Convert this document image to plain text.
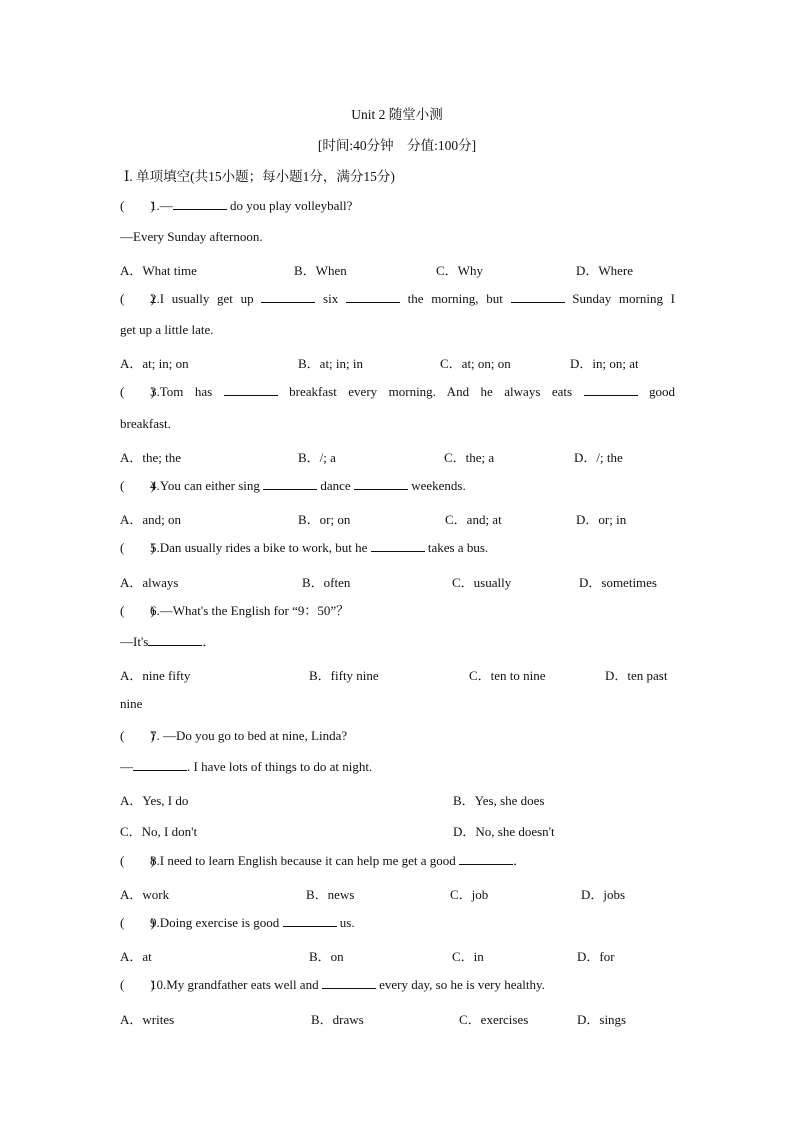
Unit 2 随堂小测
[时间:40分钟　分值:100分]
Ⅰ. 单项填空(共15小题；每小题1分，满分15分)
(　　)1.—	do you play volleyball?
—Every Sunday afternoon.
A．What time	B．When	C．Why	D．Where
(　　)2.I usually get up	six	the morning, but	Sunday morning I
get up a little late.
A．at; in; on	B．at; in; in	C．at; on; on	D．in; on; at
(　　)3.Tom has	breakfast every morning. And he always eats	good
breakfast.
A．the; the	B．/; a	C．the; a	D．/; the
(　　)4.You can either sing	dance	weekends.
A．and; on	B．or; on	C．and; at	D．or; in
(　　)5.Dan usually rides a bike to work, but he	takes a bus.
A．always	B．often	C．usually	D．sometimes
(　　)6.—What's the English for “9：50”？
—It's	．
A．nine fifty	B．fifty nine	C．ten to nine	D．ten past
nine
(　　)7. —Do you go to bed at nine, Linda?
—	. I have lots of things to do at night.
A．Yes, I do	B．Yes, she does
C．No, I don't	D．No, she doesn't
(　　)8.I need to learn English because it can help me get a good	．
A．work	B．news	C．job	D．jobs
(　　)9.Doing exercise is good	us.
A．at	B．on	C．in	D．for
(　　)10.My grandfather eats well and	every day, so he is very healthy.
A．writes	B．draws	C．exercises	D．sings
